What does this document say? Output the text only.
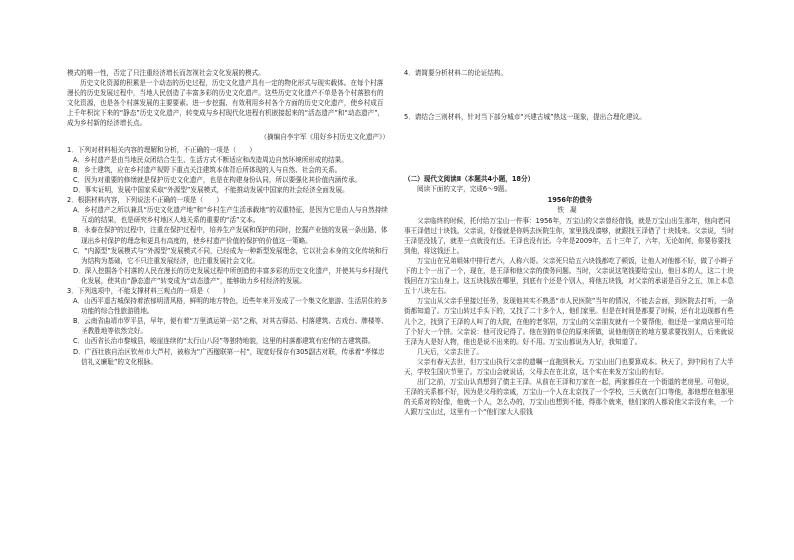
模式的唯一性，否定了只注重经济增长而忽视社会文化发展的模式。

历史文化资源的积累是一个动态的历史过程，历史文化遗产具有一定的物化形式与现实载体。在每个村落漫长的历史发展过程中，当地人民创造了丰富多彩的历史文化遗产。这些历史文化遗产不单是各个村落独有的文化资源，也是各个村落发展的主要要素。进一步挖掘、有效利用乡村各个方面的历史文化遗产，使乡村成百上千年积淀下来的“静态”历史文化遗产，转变成与乡村现代化进程有机嵌接起来的“活态遗产”和“动态遗产”，成为乡村新的经济增长点。

（摘编自李宇军《用好乡村历史文化遗产》）

1．下列对材料相关内容的理解和分析，不正确的一项是（　　）

A．乡村遗产是由当地民众团结合生生、生活方式不断适应和改造周边自然环境所形成的结果。

B．乡土建筑，应在乡村遗产视野下重点关注建筑本体背后所体现的人与自然、社会的关系。

C．因为对重要的修缮就是保护历史文化遗产，也是在构建身份认同，所以要强化其价值内涵传承。

D．事实证明，发展中国家采取“外源型”发展模式，不能推动发展中国家的社会经济全面发展。

2．根据材料内容，下列说法不正确的一项是（　　）

A．乡村遗产之所以兼具“历史文化遗产地”和“乡村生产生活承载地”的双重特征，是因为它是由人与自然持续互动的结果，也是研究乡村地区人地关系的重要的“活”文本。

B．永泰在保护的过程中，注重在保护过程中，培养生产发展和保护的同时，挖掘产业链的发展一条出路，体现出乡村保护的理念和更具有高度的，使乡村遗产价值的保护的价值这一策略。

C．“内源型”发展模式与“外源型”发展模式不同，已经成为一种新型发展理念，它以社会本身的文化传统和行为结构为基础，它不只注重发展经济，也注重发展社会文化。

D．深入挖掘各个村落的人民在漫长的历史发展过程中所创造的丰富多彩的历史文化遗产，并使其与乡村现代化发展，使其由“静态遗产”转变成为“动态遗产”，能够助力乡村经济的发展。

3．下列选项中，不能支撑材料三观点的一项是（　　）

A．山西平遥古城保持着浓郁明清风格，鲜明的地方特色，近些年来开发成了一个集文化旅游、生活居住的多功能的综合性旅游胜地。

B．云南省曲靖市罗平县，早年，便有着“万里滇运第一站”之称，对其古驿站、村落建筑、古戏台、牌楼等、圣教胜地等依然完好。

C．山西省长治市黎城县，峻崖连续的“太行山八陉”等独特地貌，这里的村落都建筑有宏伟的古建筑群。

D．广西壮族自治区钦州市大芦村，被称为“广西楹联第一村”，现宽好保存有305副古对联，传承着“孝悌忠信礼义廉耻”的文化根脉。

4．请简要分析材料二的论证结构。

5．请结合三则材料，针对当下部分城市“兴建古城”热这一现象，提出合理化建议。

（二）现代文阅读Ⅱ（本题共4小题，18分）

阅读下面的文字，完成6～9题。

1956年的债务

铁凝

父亲临终的时候，托付给万宝山一件事：1956年，万宝山的父亲曾经借钱，就是万宝山出生那年，他向老同事王泽借过十块钱。父亲说，好像就是你妈去医院生你，家里钱没凑够，就跟找王泽借了十块钱来。父亲说，当时王泽是没钱了，就差一点就没有还。王泽也没有还。今年是2009年，五十三年了，六年，无论如何，你要你要找到他，将这钱还上。

万宝山在兄弟姐妹中排行老六，人称六哥。父亲死只给五六块钱都吃了顿饭，让他人对他都不好，做了小辫子下的上个一出了一个，现在，是王泽和他父亲的债务问题。当时，父亲说这笔钱要给宝山，他日本的人，这二十块钱回在万宝山身上。这五块钱放在哪里，到底有个还是个别人，将他五块钱，对父亲的承诺是百分之五，加上本息五十八块左右。

万宝山从父亲手里接过任务，发现他其实不熟悉“市人民医院”当年的情况，不能去会面，到医院去打听，一条街都知道了。万宝山转过手头下的，又找了二十多个人，他们家里。但是在时间是都要了时候，还有北边现都有些儿个之，找到了王泽的人叫了的大院，在他的老邻居，万宝山的父亲朋友就有一个要帮他，他还是一家商店里可给了个好大一个饼。父亲说：他可没记得了。他在别的单位的原来所做，说他他别在的地方要求要找别人，后来就说王泽为人是好人物，他也是说不出来的。好不用。万宝山都说为人好，我知道了。

几天后，父亲去世了。

父亲有春天去世，但万宝山执行父亲的遗嘱一直拖到秋天。万宝山出门也要算成本。秋天了，到中间有了大半天，学校生国庆节里了。万宝山会就说话，父母去在在北京，这个实在来发万宝山的有好。

出门之前，万宝山认真想到了债主王泽。从前在王泽和万家在一起，两家都住在一个街道的老房里。可他说，王泽的关系都不好，因为是父母的亲戚，万宝山一个人在北京找了一个学校，三天就在门口等他，那他想在他那里的关系对的好像，他就一个人，怎么办的，万宝山也想到不能，得那个就来，他们家的人都说他父亲没有来，一个人跟万宝山过，这里有一个“他们家大人很钱
